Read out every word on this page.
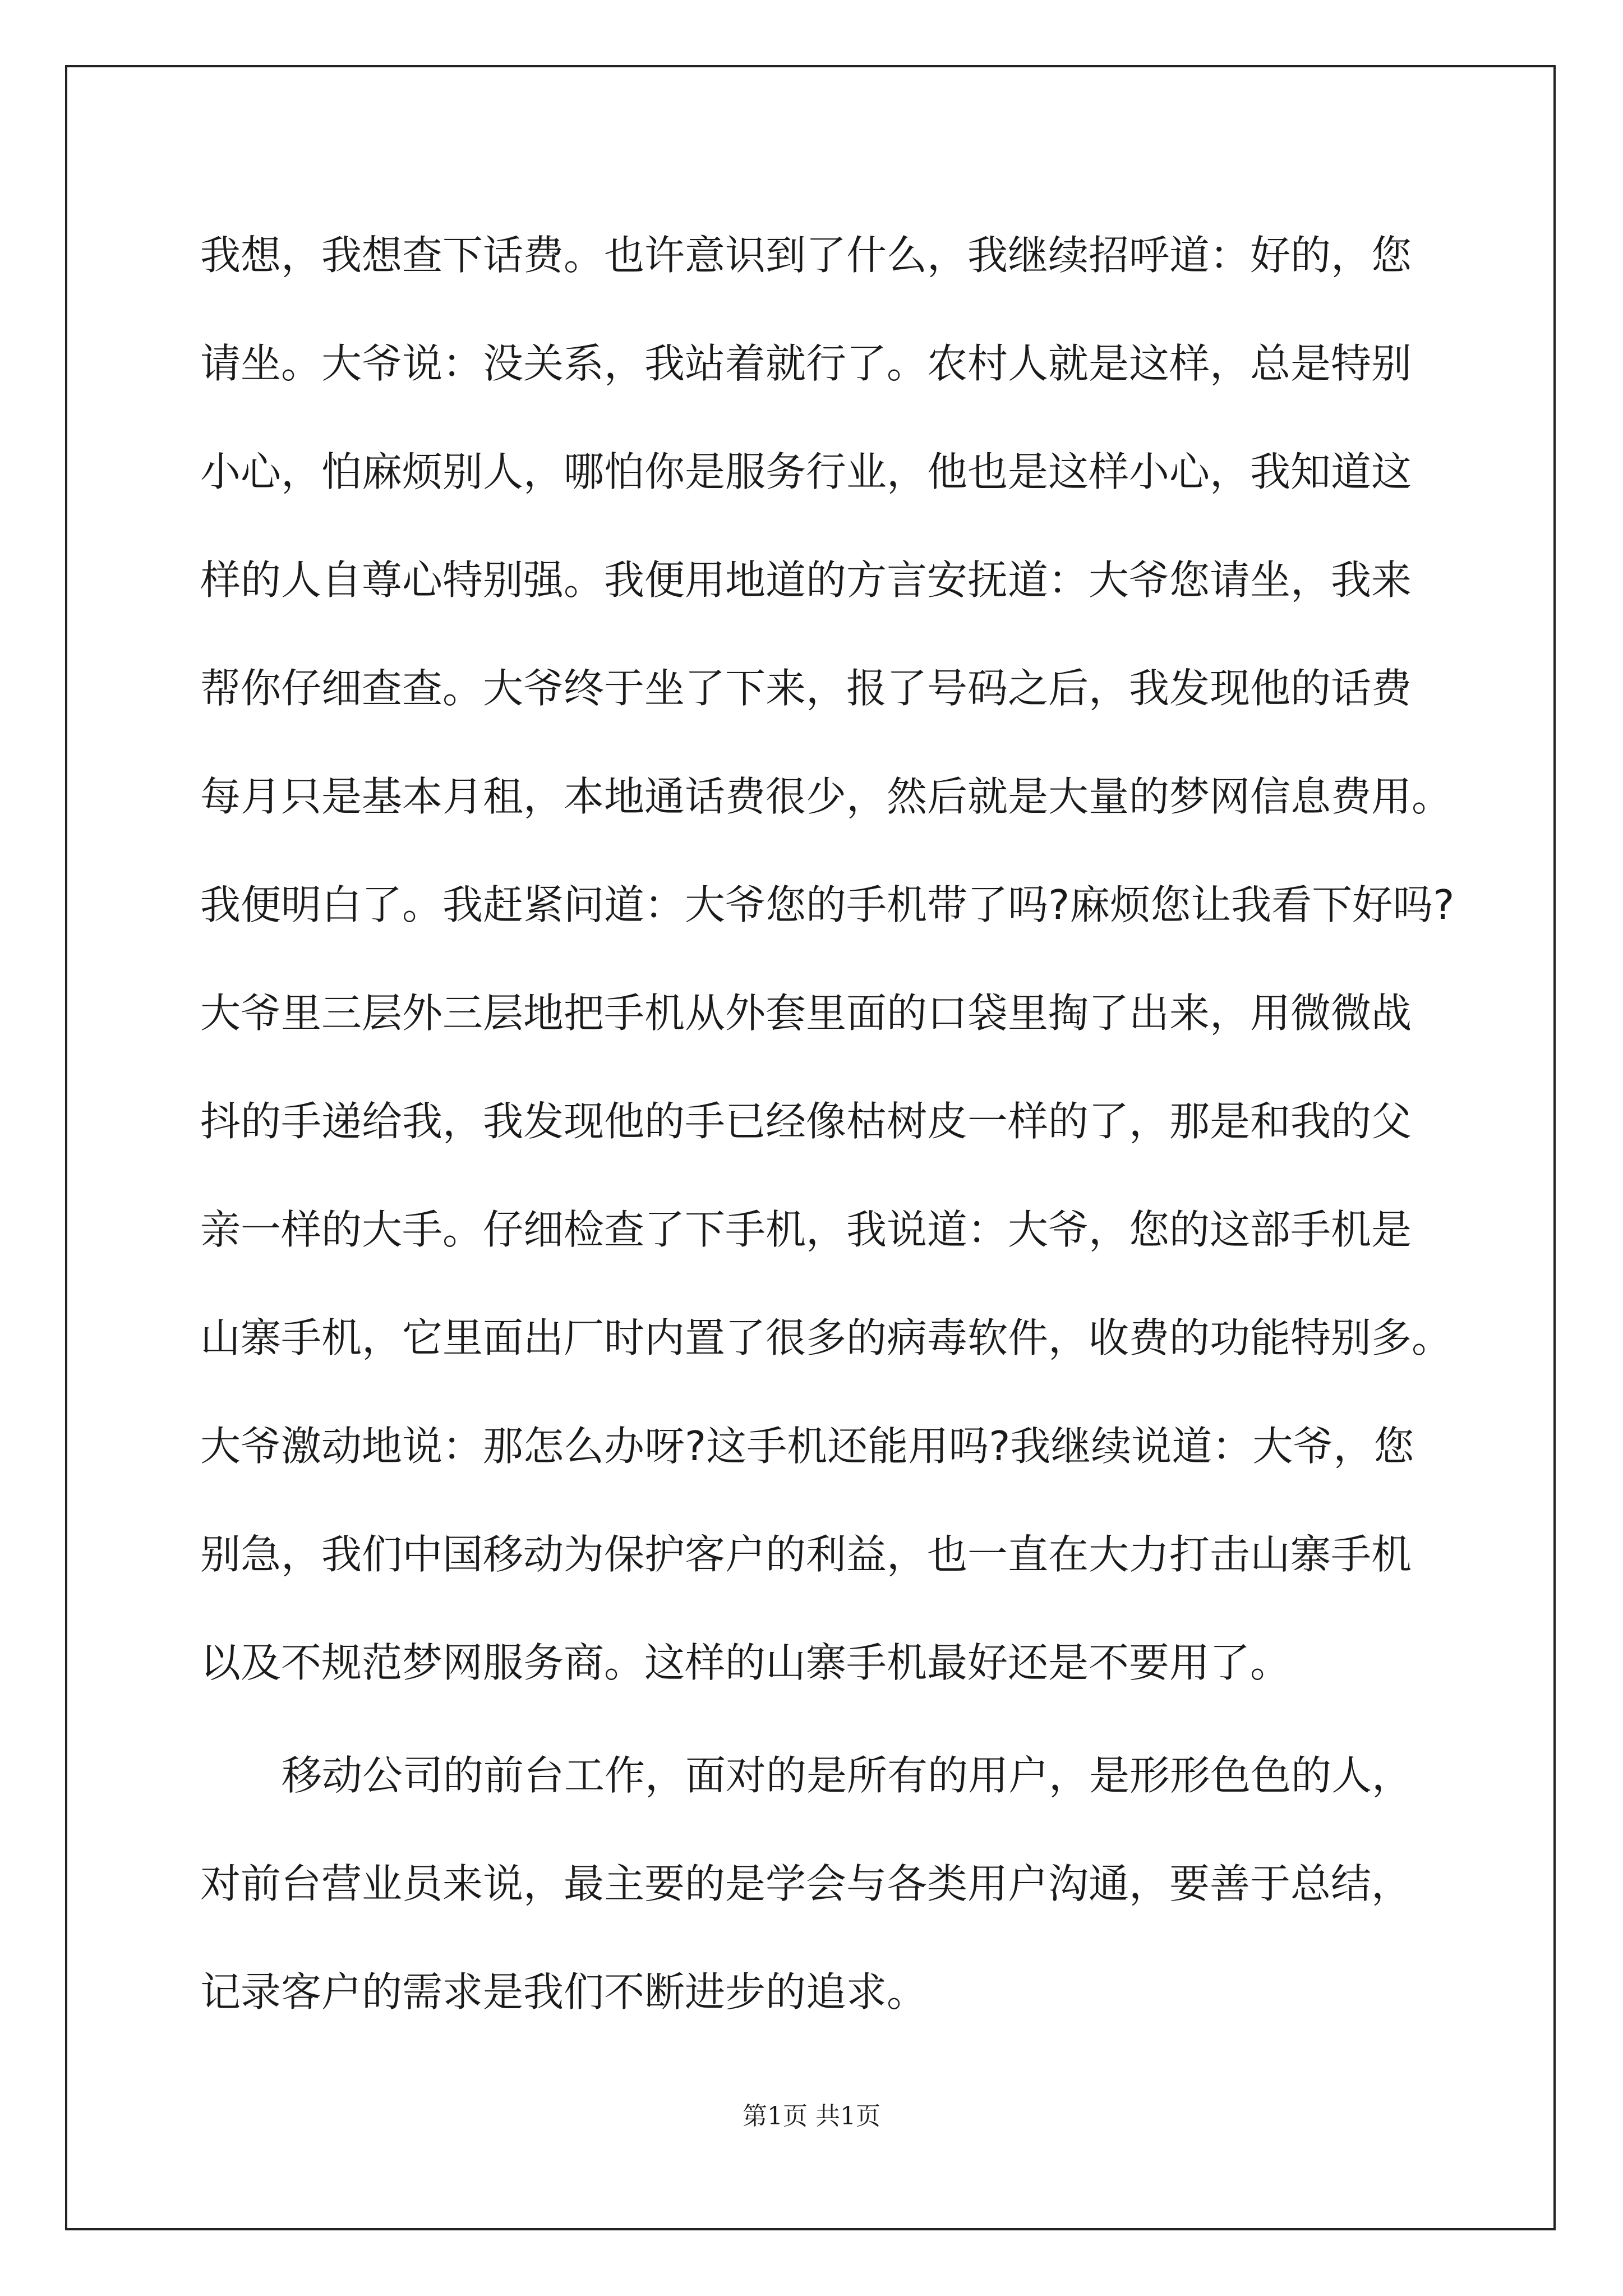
我想，我想查下话费。也许意识到了什么，我继续招呼道：好的，您
请坐。大爷说：没关系，我站着就行了。农村人就是这样，总是特别
小心，怕麻烦别人，哪怕你是服务行业，他也是这样小心，我知道这
样的人自尊心特别强。我便用地道的方言安抚道：大爷您请坐，我来
帮你仔细查查。大爷终于坐了下来，报了号码之后，我发现他的话费
每月只是基本月租，本地通话费很少，然后就是大量的梦网信息费用。
我便明白了。我赶紧问道：大爷您的手机带了吗?麻烦您让我看下好吗?
大爷里三层外三层地把手机从外套里面的口袋里掏了出来，用微微战
抖的手递给我，我发现他的手已经像枯树皮一样的了，那是和我的父
亲一样的大手。仔细检查了下手机，我说道：大爷，您的这部手机是
山寨手机，它里面出厂时内置了很多的病毒软件，收费的功能特别多。
大爷激动地说：那怎么办呀?这手机还能用吗?我继续说道：大爷，您
别急，我们中国移动为保护客户的利益，也一直在大力打击山寨手机
以及不规范梦网服务商。这样的山寨手机最好还是不要用了。
移动公司的前台工作，面对的是所有的用户，是形形色色的人，
对前台营业员来说，最主要的是学会与各类用户沟通，要善于总结，
记录客户的需求是我们不断进步的追求。
第1页 共1页
